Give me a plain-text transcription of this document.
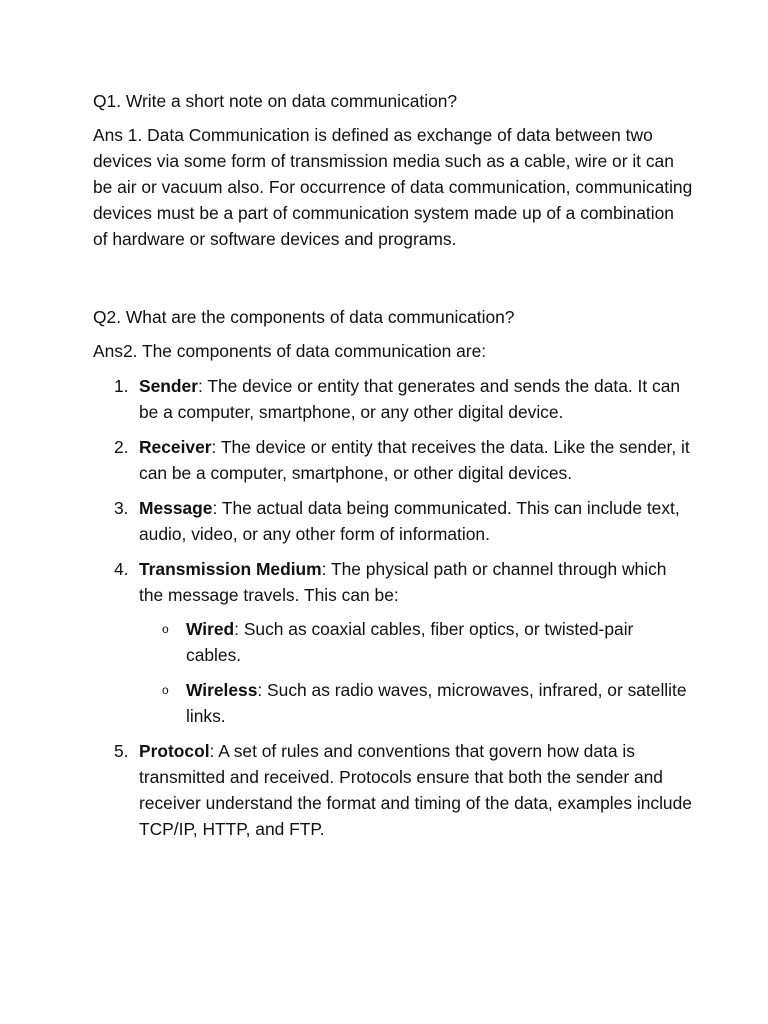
Q1. Write a short note on data communication?

Ans 1. Data Communication is defined as exchange of data between two devices via some form of transmission media such as a cable, wire or it can be air or vacuum also. For occurrence of data communication, communicating devices must be a part of communication system made up of a combination of hardware or software devices and programs.

Q2. What are the components of data communication?

Ans2. The components of data communication are:

1. Sender: The device or entity that generates and sends the data. It can be a computer, smartphone, or any other digital device.
2. Receiver: The device or entity that receives the data. Like the sender, it can be a computer, smartphone, or other digital devices.
3. Message: The actual data being communicated. This can include text, audio, video, or any other form of information.
4. Transmission Medium: The physical path or channel through which the message travels. This can be:
o Wired: Such as coaxial cables, fiber optics, or twisted-pair cables.
o Wireless: Such as radio waves, microwaves, infrared, or satellite links.
5. Protocol: A set of rules and conventions that govern how data is transmitted and received. Protocols ensure that both the sender and receiver understand the format and timing of the data, examples include TCP/IP, HTTP, and FTP.
